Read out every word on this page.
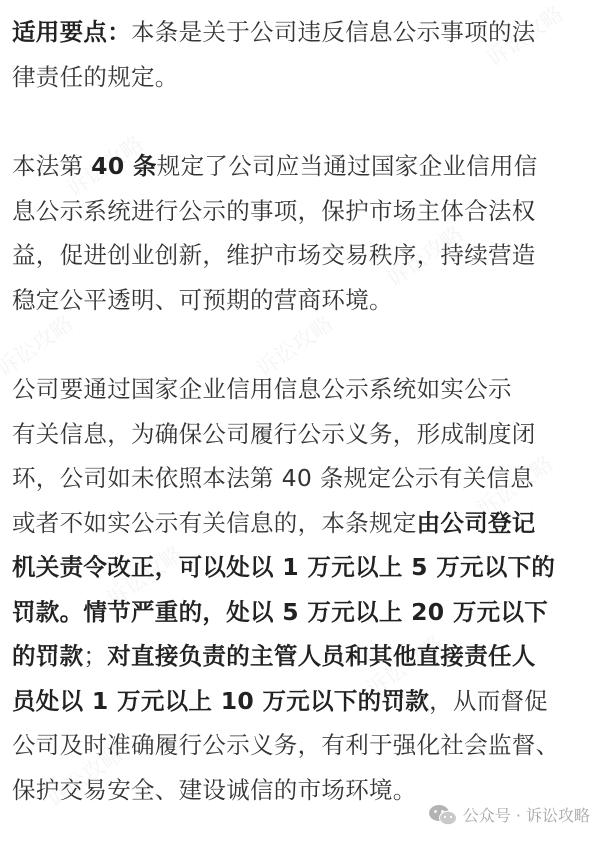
适用要点：本条是关于公司违反信息公示事项的法
律责任的规定。

本法第 40 条规定了公司应当通过国家企业信用信
息公示系统进行公示的事项，保护市场主体合法权
益，促进创业创新，维护市场交易秩序，持续营造
稳定公平透明、可预期的营商环境。

公司要通过国家企业信用信息公示系统如实公示
有关信息，为确保公司履行公示义务，形成制度闭
环，公司如未依照本法第 40 条规定公示有关信息
或者不如实公示有关信息的，本条规定由公司登记
机关责令改正，可以处以 1 万元以上 5 万元以下的
罚款。情节严重的，处以 5 万元以上 20 万元以下
的罚款；对直接负责的主管人员和其他直接责任人
员处以 1 万元以上 10 万元以下的罚款，从而督促
公司及时准确履行公示义务，有利于强化社会监督、
保护交易安全、建设诚信的市场环境。

公众号 · 诉讼攻略
